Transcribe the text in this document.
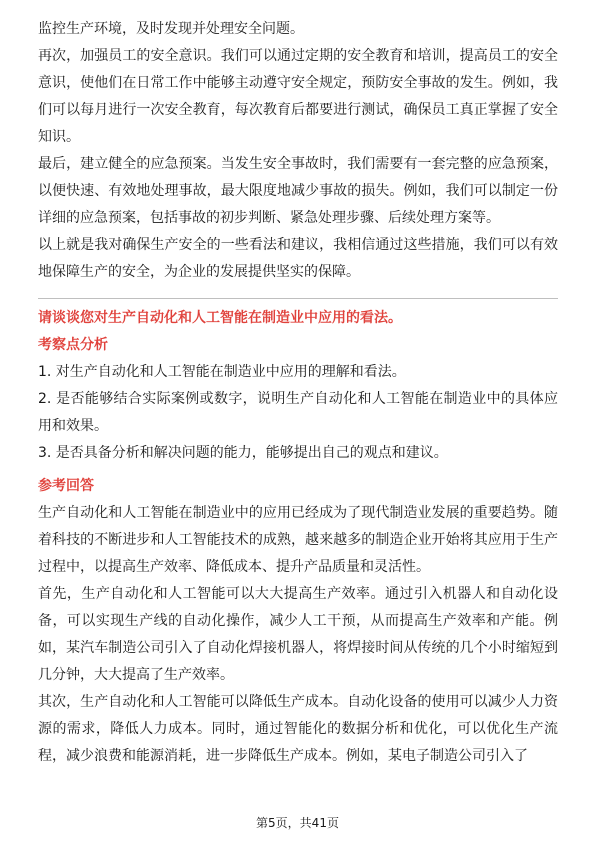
监控生产环境，及时发现并处理安全问题。

再次，加强员工的安全意识。我们可以通过定期的安全教育和培训，提高员工的安全意识，使他们在日常工作中能够主动遵守安全规定，预防安全事故的发生。例如，我们可以每月进行一次安全教育，每次教育后都要进行测试，确保员工真正掌握了安全知识。

最后，建立健全的应急预案。当发生安全事故时，我们需要有一套完整的应急预案，以便快速、有效地处理事故，最大限度地减少事故的损失。例如，我们可以制定一份详细的应急预案，包括事故的初步判断、紧急处理步骤、后续处理方案等。

以上就是我对确保生产安全的一些看法和建议，我相信通过这些措施，我们可以有效地保障生产的安全，为企业的发展提供坚实的保障。

请谈谈您对生产自动化和人工智能在制造业中应用的看法。

考察点分析

1. 对生产自动化和人工智能在制造业中应用的理解和看法。

2. 是否能够结合实际案例或数字，说明生产自动化和人工智能在制造业中的具体应用和效果。

3. 是否具备分析和解决问题的能力，能够提出自己的观点和建议。

参考回答

生产自动化和人工智能在制造业中的应用已经成为了现代制造业发展的重要趋势。随着科技的不断进步和人工智能技术的成熟，越来越多的制造企业开始将其应用于生产过程中，以提高生产效率、降低成本、提升产品质量和灵活性。

首先，生产自动化和人工智能可以大大提高生产效率。通过引入机器人和自动化设备，可以实现生产线的自动化操作，减少人工干预，从而提高生产效率和产能。例如，某汽车制造公司引入了自动化焊接机器人，将焊接时间从传统的几个小时缩短到几分钟，大大提高了生产效率。

其次，生产自动化和人工智能可以降低生产成本。自动化设备的使用可以减少人力资源的需求，降低人力成本。同时，通过智能化的数据分析和优化，可以优化生产流程，减少浪费和能源消耗，进一步降低生产成本。例如，某电子制造公司引入了

第5页，共41页
